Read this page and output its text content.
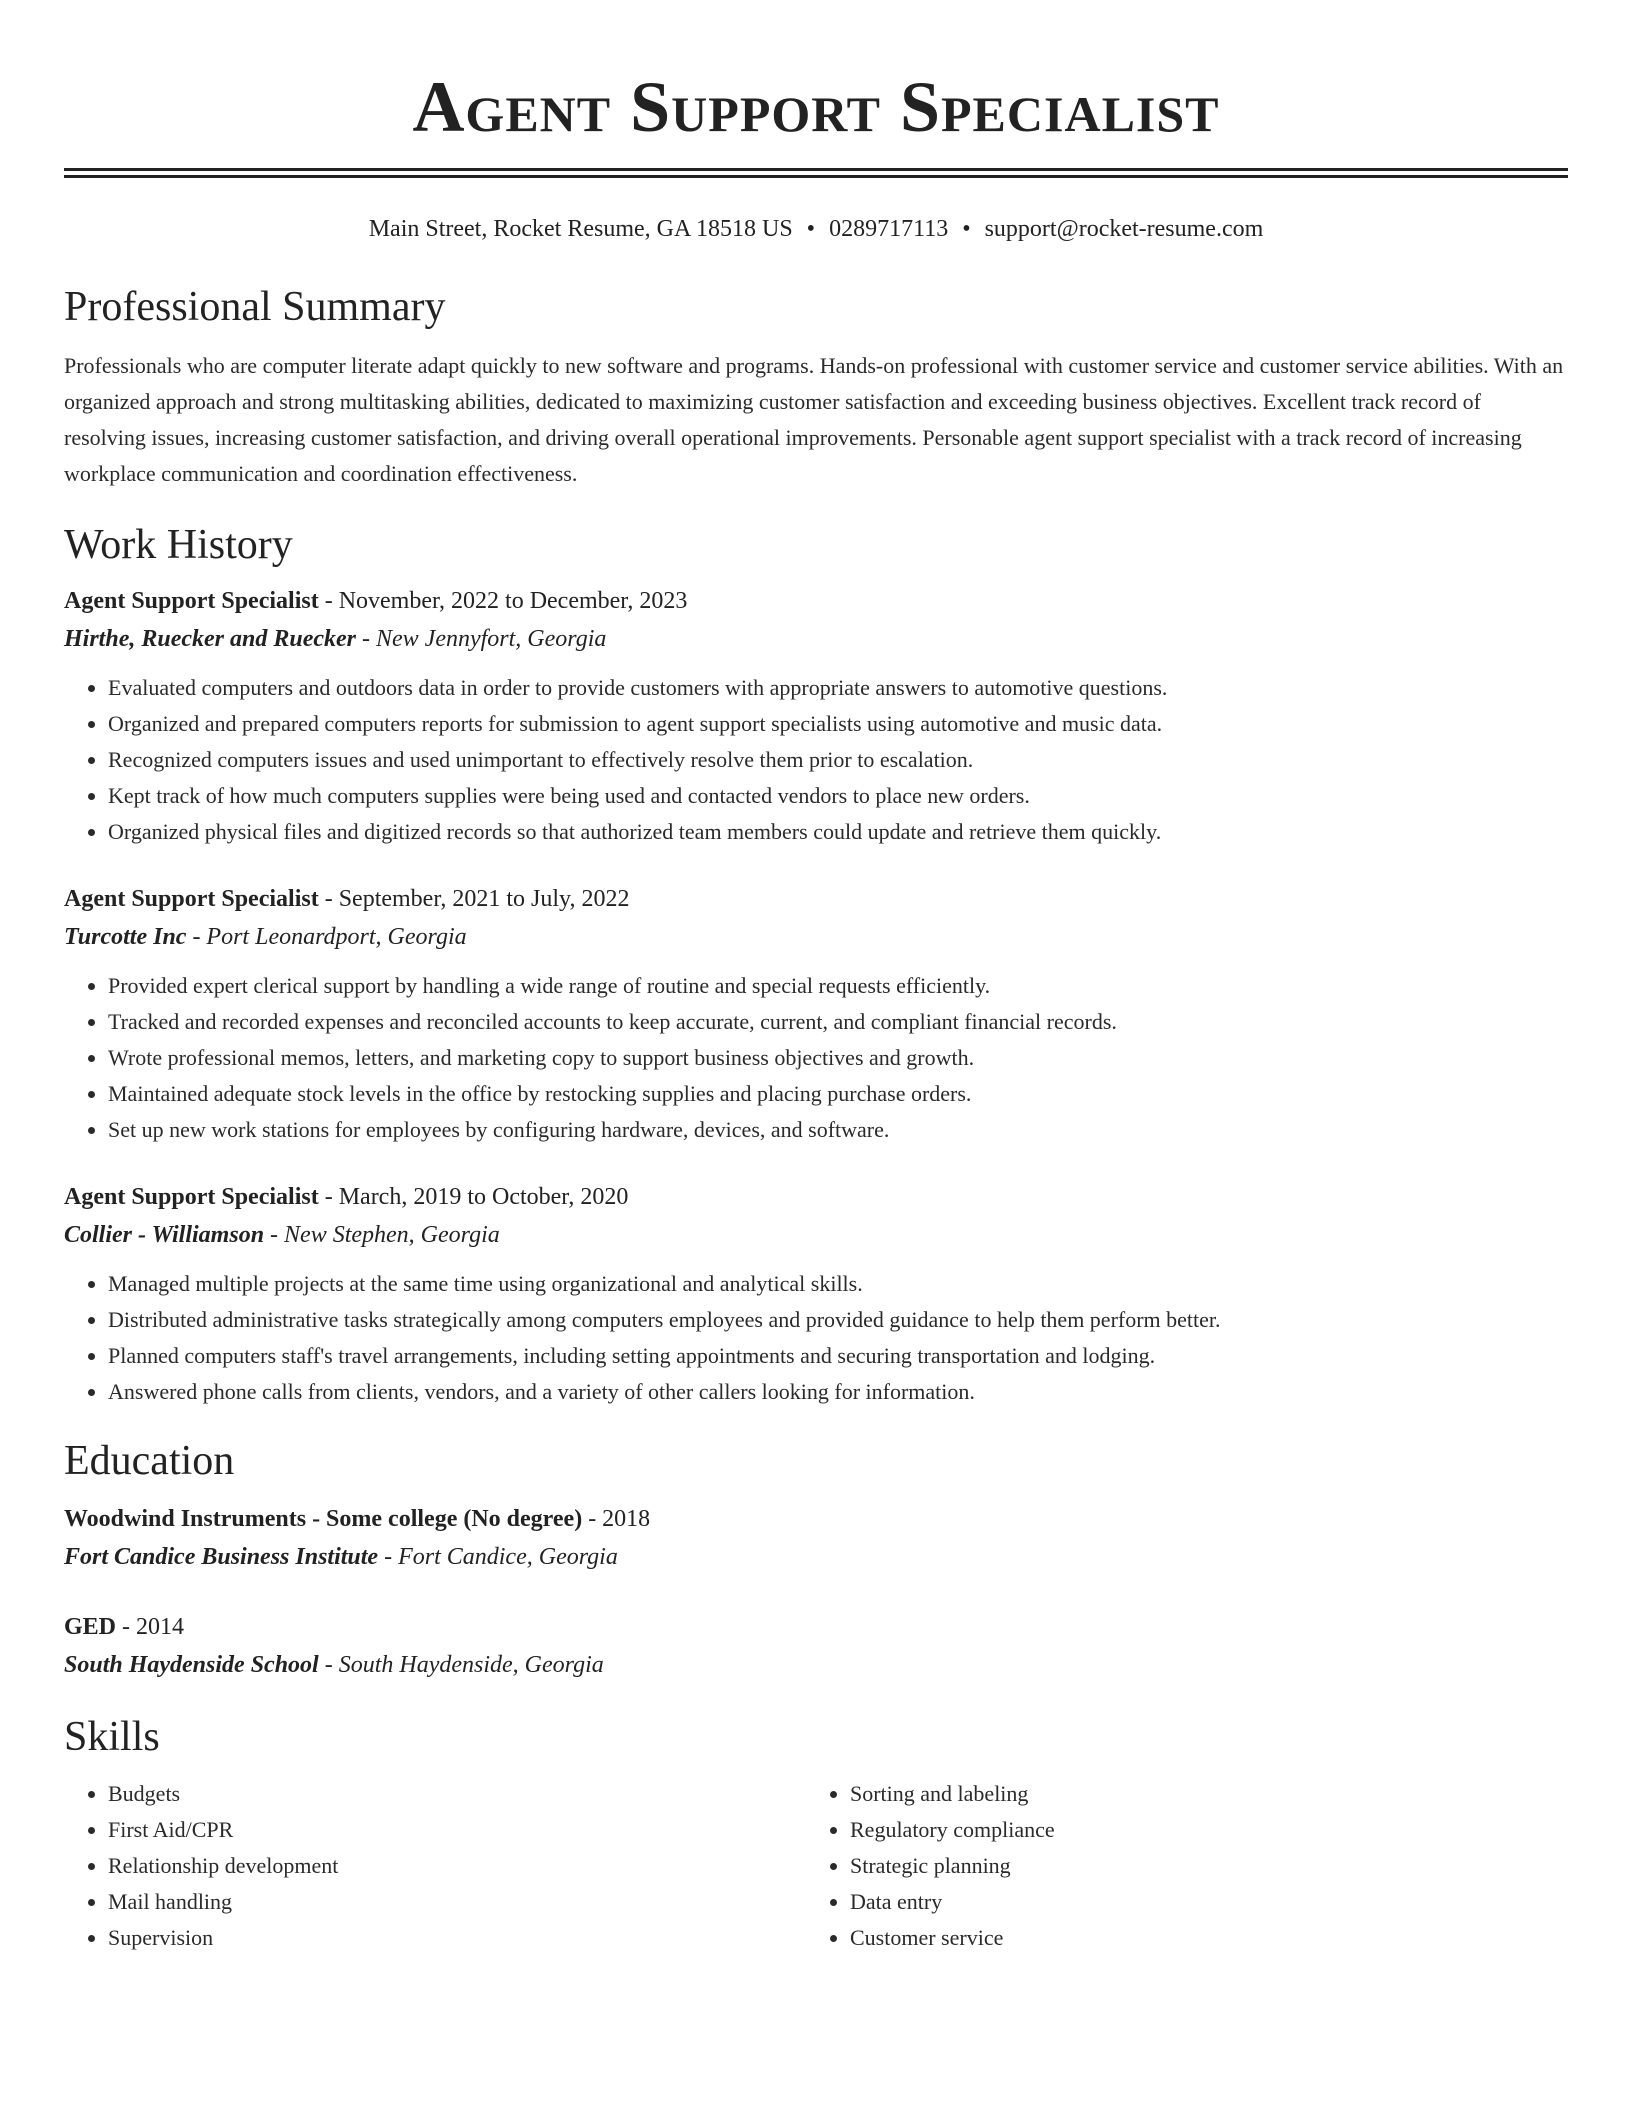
Agent Support Specialist
Main Street, Rocket Resume, GA 18518 US • 0289717113 • support@rocket-resume.com
Professional Summary

Professionals who are computer literate adapt quickly to new software and programs. Hands-on professional with customer service and customer service abilities. With an organized approach and strong multitasking abilities, dedicated to maximizing customer satisfaction and exceeding business objectives. Excellent track record of resolving issues, increasing customer satisfaction, and driving overall operational improvements. Personable agent support specialist with a track record of increasing workplace communication and coordination effectiveness.

Work History
Agent Support Specialist - November, 2022 to December, 2023
Hirthe, Ruecker and Ruecker - New Jennyfort, Georgia
• Evaluated computers and outdoors data in order to provide customers with appropriate answers to automotive questions.
• Organized and prepared computers reports for submission to agent support specialists using automotive and music data.
• Recognized computers issues and used unimportant to effectively resolve them prior to escalation.
• Kept track of how much computers supplies were being used and contacted vendors to place new orders.
• Organized physical files and digitized records so that authorized team members could update and retrieve them quickly.
Agent Support Specialist - September, 2021 to July, 2022
Turcotte Inc - Port Leonardport, Georgia
• Provided expert clerical support by handling a wide range of routine and special requests efficiently.
• Tracked and recorded expenses and reconciled accounts to keep accurate, current, and compliant financial records.
• Wrote professional memos, letters, and marketing copy to support business objectives and growth.
• Maintained adequate stock levels in the office by restocking supplies and placing purchase orders.
• Set up new work stations for employees by configuring hardware, devices, and software.
Agent Support Specialist - March, 2019 to October, 2020
Collier - Williamson - New Stephen, Georgia
• Managed multiple projects at the same time using organizational and analytical skills.
• Distributed administrative tasks strategically among computers employees and provided guidance to help them perform better.
• Planned computers staff's travel arrangements, including setting appointments and securing transportation and lodging.
• Answered phone calls from clients, vendors, and a variety of other callers looking for information.
Education
Woodwind Instruments - Some college (No degree) - 2018
Fort Candice Business Institute - Fort Candice, Georgia
GED - 2014
South Haydenside School - South Haydenside, Georgia
Skills
• Budgets
• First Aid/CPR
• Relationship development
• Mail handling
• Supervision
• Sorting and labeling
• Regulatory compliance
• Strategic planning
• Data entry
• Customer service
